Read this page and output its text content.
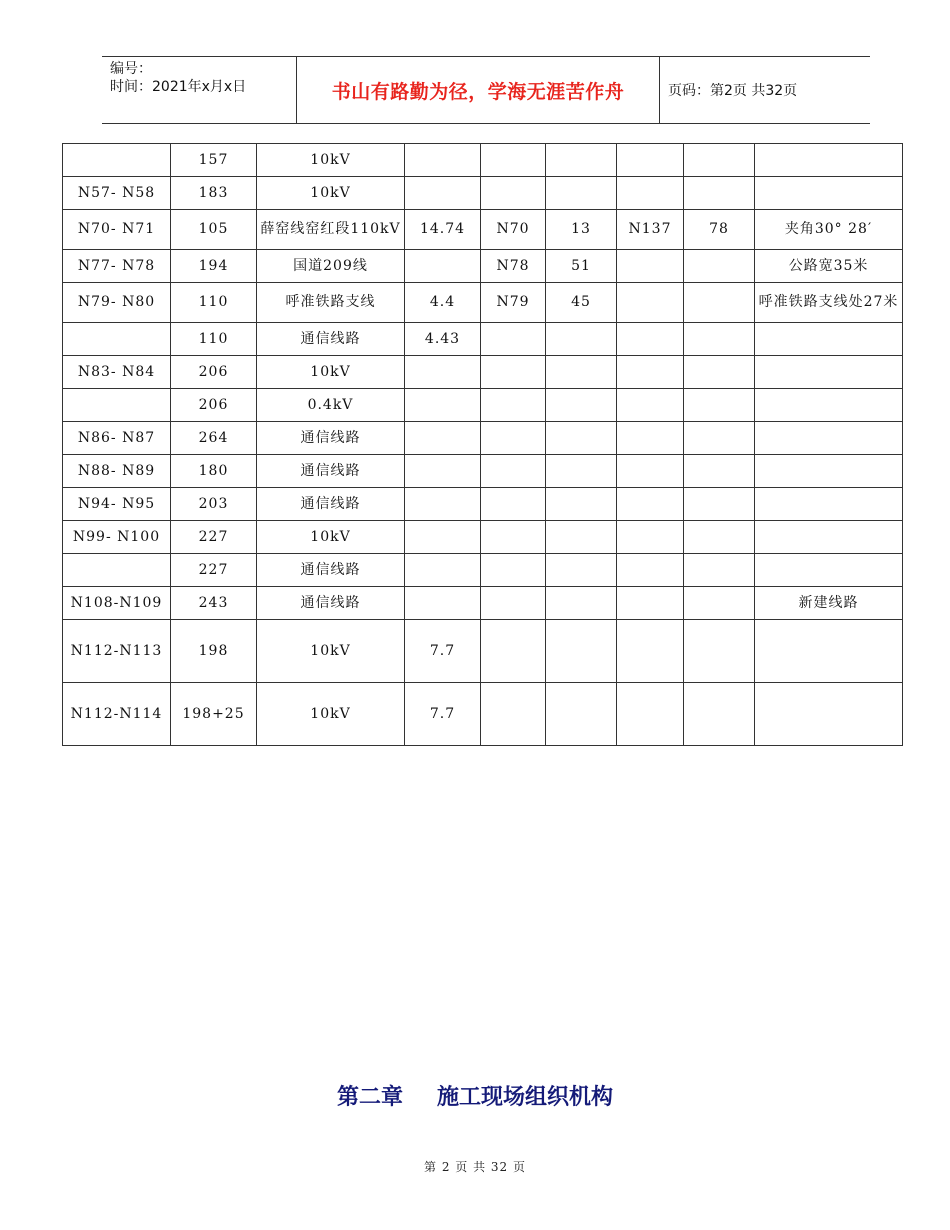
编号：
时间：2021年x月x日	书山有路勤为径，学海无涯苦作舟	页码：第2页 共32页
	157	10kV						
N57- N58	183	10kV						
N70- N71	105	薛窑线窑红段110kV	14.74	N70	13	N137	78	夹角30° 28′
N77- N78	194	国道209线		N78	51			公路宽35米
N79- N80	110	呼准铁路支线	4.4	N79	45			呼准铁路支线处27米
	110	通信线路	4.43					
N83- N84	206	10kV						
	206	0.4kV						
N86- N87	264	通信线路						
N88- N89	180	通信线路						
N94- N95	203	通信线路						
N99- N100	227	10kV						
	227	通信线路						
N108-N109	243	通信线路						新建线路
N112-N113	198	10kV	7.7					
N112-N114	198+25	10kV	7.7					
第二章 施工现场组织机构
第 2 页 共 32 页
